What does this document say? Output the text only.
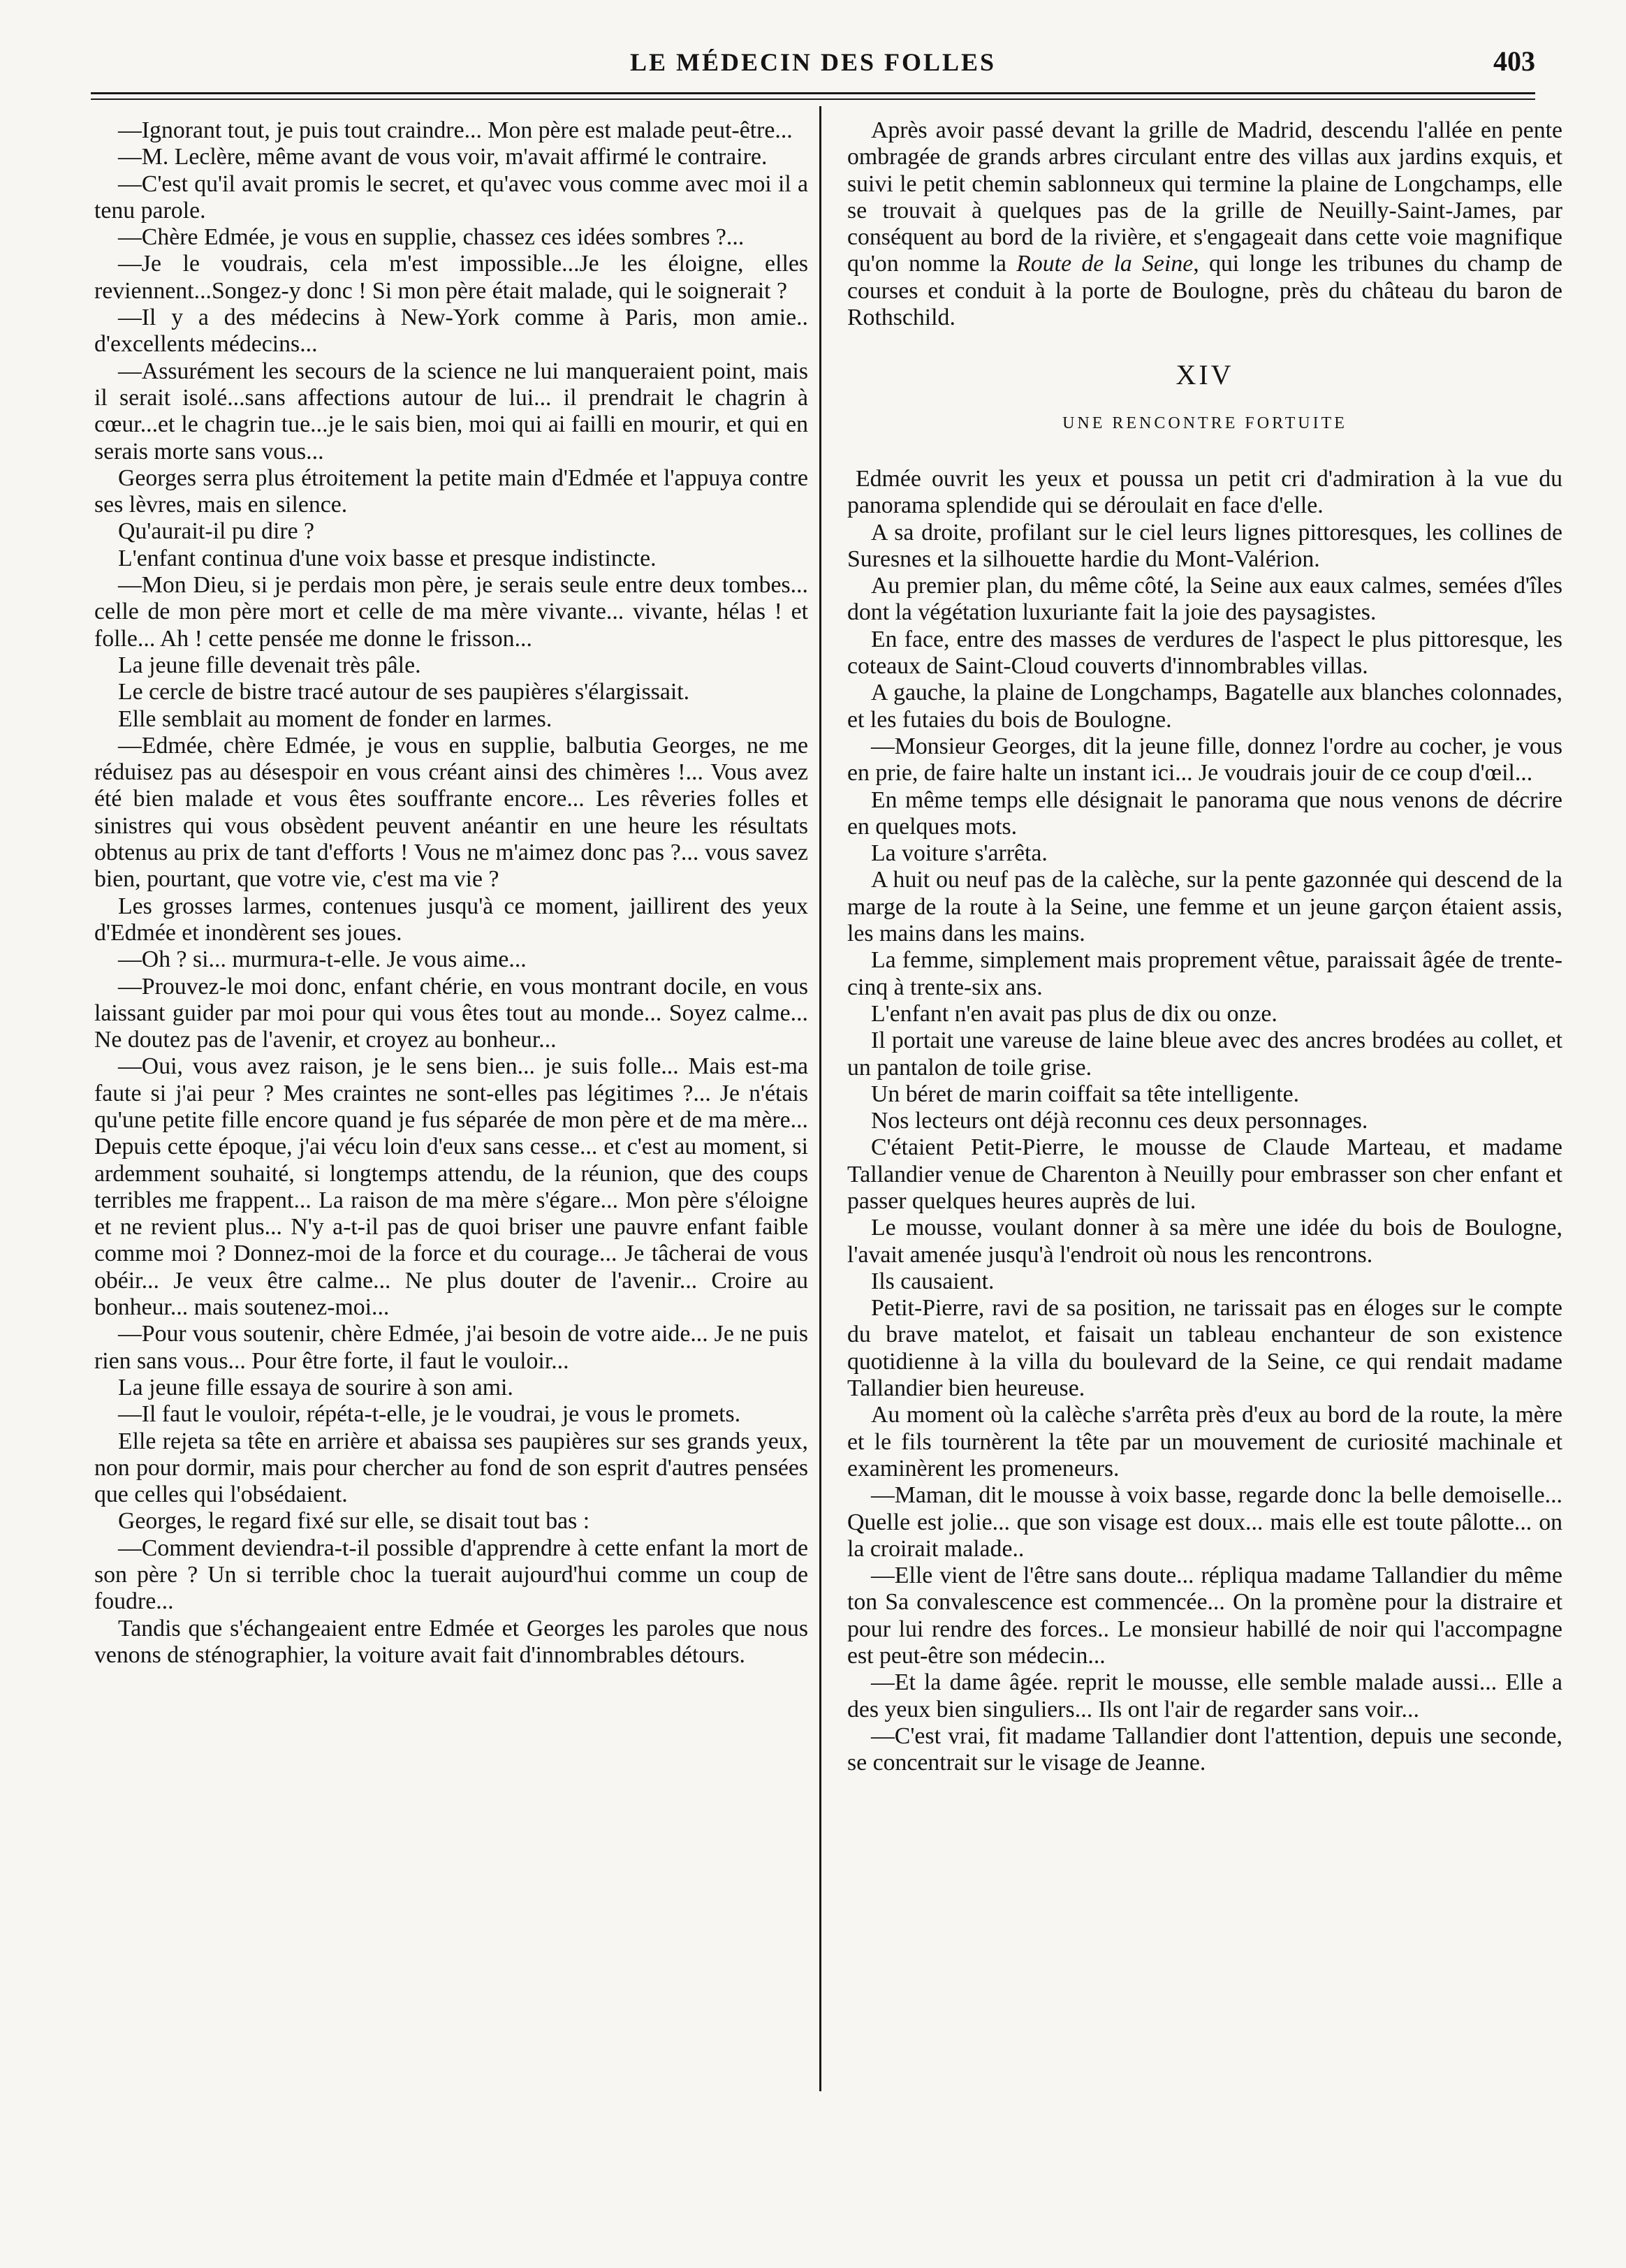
LE MÉDECIN DES FOLLES	403

—Ignorant tout, je puis tout craindre... Mon père est malade peut-être...

—M. Leclère, même avant de vous voir, m'avait affirmé le contraire.

—C'est qu'il avait promis le secret, et qu'avec vous comme avec moi il a tenu parole.

—Chère Edmée, je vous en supplie, chassez ces idées sombres ?...

—Je le voudrais, cela m'est impossible...Je les éloigne, elles reviennent...Songez-y donc ! Si mon père était malade, qui le soignerait ?

—Il y a des médecins à New-York comme à Paris, mon amie.. d'excellents médecins...

—Assurément les secours de la science ne lui manqueraient point, mais il serait isolé...sans affections autour de lui... il prendrait le chagrin à cœur...et le chagrin tue...je le sais bien, moi qui ai failli en mourir, et qui en serais morte sans vous...

Georges serra plus étroitement la petite main d'Edmée et l'appuya contre ses lèvres, mais en silence.

Qu'aurait-il pu dire ?

L'enfant continua d'une voix basse et presque indistincte.

—Mon Dieu, si je perdais mon père, je serais seule entre deux tombes... celle de mon père mort et celle de ma mère vivante... vivante, hélas ! et folle... Ah ! cette pensée me donne le frisson...

La jeune fille devenait très pâle.

Le cercle de bistre tracé autour de ses paupières s'élargissait.

Elle semblait au moment de fonder en larmes.

—Edmée, chère Edmée, je vous en supplie, balbutia Georges, ne me réduisez pas au désespoir en vous créant ainsi des chimères !... Vous avez été bien malade et vous êtes souffrante encore... Les rêveries folles et sinistres qui vous obsèdent peuvent anéantir en une heure les résultats obtenus au prix de tant d'efforts ! Vous ne m'aimez donc pas ?... vous savez bien, pourtant, que votre vie, c'est ma vie ?

Les grosses larmes, contenues jusqu'à ce moment, jaillirent des yeux d'Edmée et inondèrent ses joues.

—Oh ? si... murmura-t-elle. Je vous aime...

—Prouvez-le moi donc, enfant chérie, en vous montrant docile, en vous laissant guider par moi pour qui vous êtes tout au monde... Soyez calme... Ne doutez pas de l'avenir, et croyez au bonheur...

—Oui, vous avez raison, je le sens bien... je suis folle... Mais est-ma faute si j'ai peur ? Mes craintes ne sont-elles pas légitimes ?... Je n'étais qu'une petite fille encore quand je fus séparée de mon père et de ma mère... Depuis cette époque, j'ai vécu loin d'eux sans cesse... et c'est au moment, si ardemment souhaité, si longtemps attendu, de la réunion, que des coups terribles me frappent... La raison de ma mère s'égare... Mon père s'éloigne et ne revient plus... N'y a-t-il pas de quoi briser une pauvre enfant faible comme moi ? Donnez-moi de la force et du courage... Je tâcherai de vous obéir... Je veux être calme... Ne plus douter de l'avenir... Croire au bonheur... mais soutenez-moi...

—Pour vous soutenir, chère Edmée, j'ai besoin de votre aide... Je ne puis rien sans vous... Pour être forte, il faut le vouloir...

La jeune fille essaya de sourire à son ami.

—Il faut le vouloir, répéta-t-elle, je le voudrai, je vous le promets.

Elle rejeta sa tête en arrière et abaissa ses paupières sur ses grands yeux, non pour dormir, mais pour chercher au fond de son esprit d'autres pensées que celles qui l'obsédaient.

Georges, le regard fixé sur elle, se disait tout bas :

—Comment deviendra-t-il possible d'apprendre à cette enfant la mort de son père ? Un si terrible choc la tuerait aujourd'hui comme un coup de foudre...

Tandis que s'échangeaient entre Edmée et Georges les paroles que nous venons de sténographier, la voiture avait fait d'innombrables détours.

Après avoir passé devant la grille de Madrid, descendu l'allée en pente ombragée de grands arbres circulant entre des villas aux jardins exquis, et suivi le petit chemin sablonneux qui termine la plaine de Longchamps, elle se trouvait à quelques pas de la grille de Neuilly-Saint-James, par conséquent au bord de la rivière, et s'engageait dans cette voie magnifique qu'on nomme la Route de la Seine, qui longe les tribunes du champ de courses et conduit à la porte de Boulogne, près du château du baron de Rothschild.

XIV
UNE RENCONTRE FORTUITE

Edmée ouvrit les yeux et poussa un petit cri d'admiration à la vue du panorama splendide qui se déroulait en face d'elle.

A sa droite, profilant sur le ciel leurs lignes pittoresques, les collines de Suresnes et la silhouette hardie du Mont-Valérion.

Au premier plan, du même côté, la Seine aux eaux calmes, semées d'îles dont la végétation luxuriante fait la joie des paysagistes.

En face, entre des masses de verdures de l'aspect le plus pittoresque, les coteaux de Saint-Cloud couverts d'innombrables villas.

A gauche, la plaine de Longchamps, Bagatelle aux blanches colonnades, et les futaies du bois de Boulogne.

—Monsieur Georges, dit la jeune fille, donnez l'ordre au cocher, je vous en prie, de faire halte un instant ici... Je voudrais jouir de ce coup d'œil...

En même temps elle désignait le panorama que nous venons de décrire en quelques mots.

La voiture s'arrêta.

A huit ou neuf pas de la calèche, sur la pente gazonnée qui descend de la marge de la route à la Seine, une femme et un jeune garçon étaient assis, les mains dans les mains.

La femme, simplement mais proprement vêtue, paraissait âgée de trente-cinq à trente-six ans.

L'enfant n'en avait pas plus de dix ou onze.

Il portait une vareuse de laine bleue avec des ancres brodées au collet, et un pantalon de toile grise.

Un béret de marin coiffait sa tête intelligente.

Nos lecteurs ont déjà reconnu ces deux personnages.

C'étaient Petit-Pierre, le mousse de Claude Marteau, et madame Tallandier venue de Charenton à Neuilly pour embrasser son cher enfant et passer quelques heures auprès de lui.

Le mousse, voulant donner à sa mère une idée du bois de Boulogne, l'avait amenée jusqu'à l'endroit où nous les rencontrons.

Ils causaient.

Petit-Pierre, ravi de sa position, ne tarissait pas en éloges sur le compte du brave matelot, et faisait un tableau enchanteur de son existence quotidienne à la villa du boulevard de la Seine, ce qui rendait madame Tallandier bien heureuse.

Au moment où la calèche s'arrêta près d'eux au bord de la route, la mère et le fils tournèrent la tête par un mouvement de curiosité machinale et examinèrent les promeneurs.

—Maman, dit le mousse à voix basse, regarde donc la belle demoiselle... Quelle est jolie... que son visage est doux... mais elle est toute pâlotte... on la croirait malade..

—Elle vient de l'être sans doute... répliqua madame Tallandier du même ton Sa convalescence est commencée... On la promène pour la distraire et pour lui rendre des forces.. Le monsieur habillé de noir qui l'accompagne est peut-être son médecin...

—Et la dame âgée. reprit le mousse, elle semble malade aussi... Elle a des yeux bien singuliers... Ils ont l'air de regarder sans voir...

—C'est vrai, fit madame Tallandier dont l'attention, depuis une seconde, se concentrait sur le visage de Jeanne.
